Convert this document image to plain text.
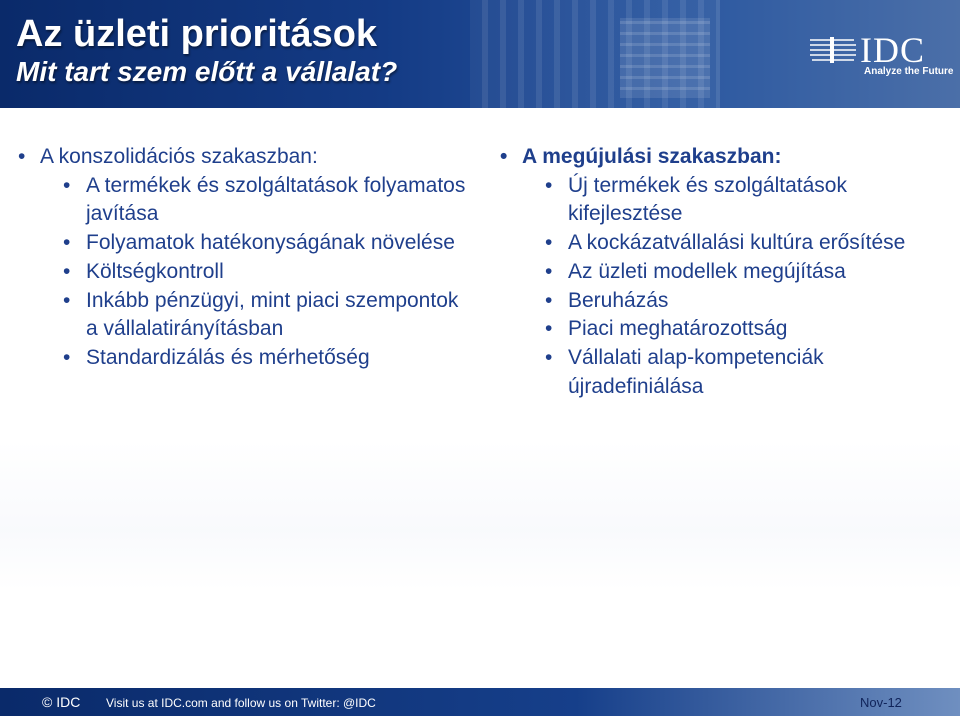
Az üzleti prioritások
Mit tart szem előtt a vállalat?
IDC
Analyze the Future
• A konszolidációs szakaszban:
• A termékek és szolgáltatások folyamatos javítása
• Folyamatok hatékonyságának növelése
• Költségkontroll
• Inkább pénzügyi, mint piaci szempontok a vállalatirányításban
• Standardizálás és mérhetőség
• A megújulási szakaszban:
• Új termékek és szolgáltatások kifejlesztése
• A kockázatvállalási kultúra erősítése
• Az üzleti modellek megújítása
• Beruházás
• Piaci meghatározottság
• Vállalati alap-kompetenciák újradefiniálása
© IDC Visit us at IDC.com and follow us on Twitter: @IDC	Nov-12
